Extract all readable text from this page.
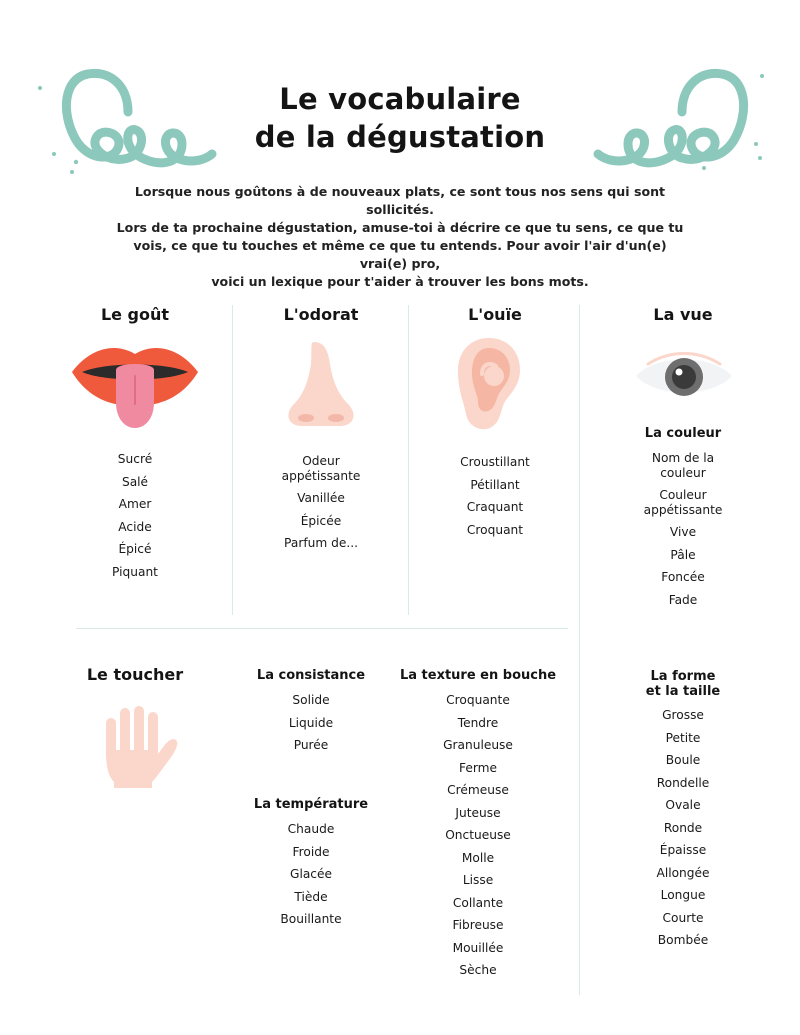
Le vocabulaire
de la dégustation
Lorsque nous goûtons à de nouveaux plats, ce sont tous nos sens qui sont sollicités.
Lors de ta prochaine dégustation, amuse-toi à décrire ce que tu sens, ce que tu
vois, ce que tu touches et même ce que tu entends. Pour avoir l'air d'un(e) vrai(e) pro,
voici un lexique pour t'aider à trouver les bons mots.
Le goût
Sucré
Salé
Amer
Acide
Épicé
Piquant
L'odorat
Odeur appétissante
Vanillée
Épicée
Parfum de...
L'ouïe
Croustillant
Pétillant
Craquant
Croquant
La vue
La couleur
Nom de la couleur
Couleur appétissante
Vive
Pâle
Foncée
Fade
La forme
et la taille
Grosse
Petite
Boule
Rondelle
Ovale
Ronde
Épaisse
Allongée
Longue
Courte
Bombée
Le toucher	La consistance
Solide
Liquide
Purée
La température
Chaude
Froide
Glacée
Tiède
Bouillante
La texture en bouche
Croquante
Tendre
Granuleuse
Ferme
Crémeuse
Juteuse
Onctueuse
Molle
Lisse
Collante
Fibreuse
Mouillée
Sèche
